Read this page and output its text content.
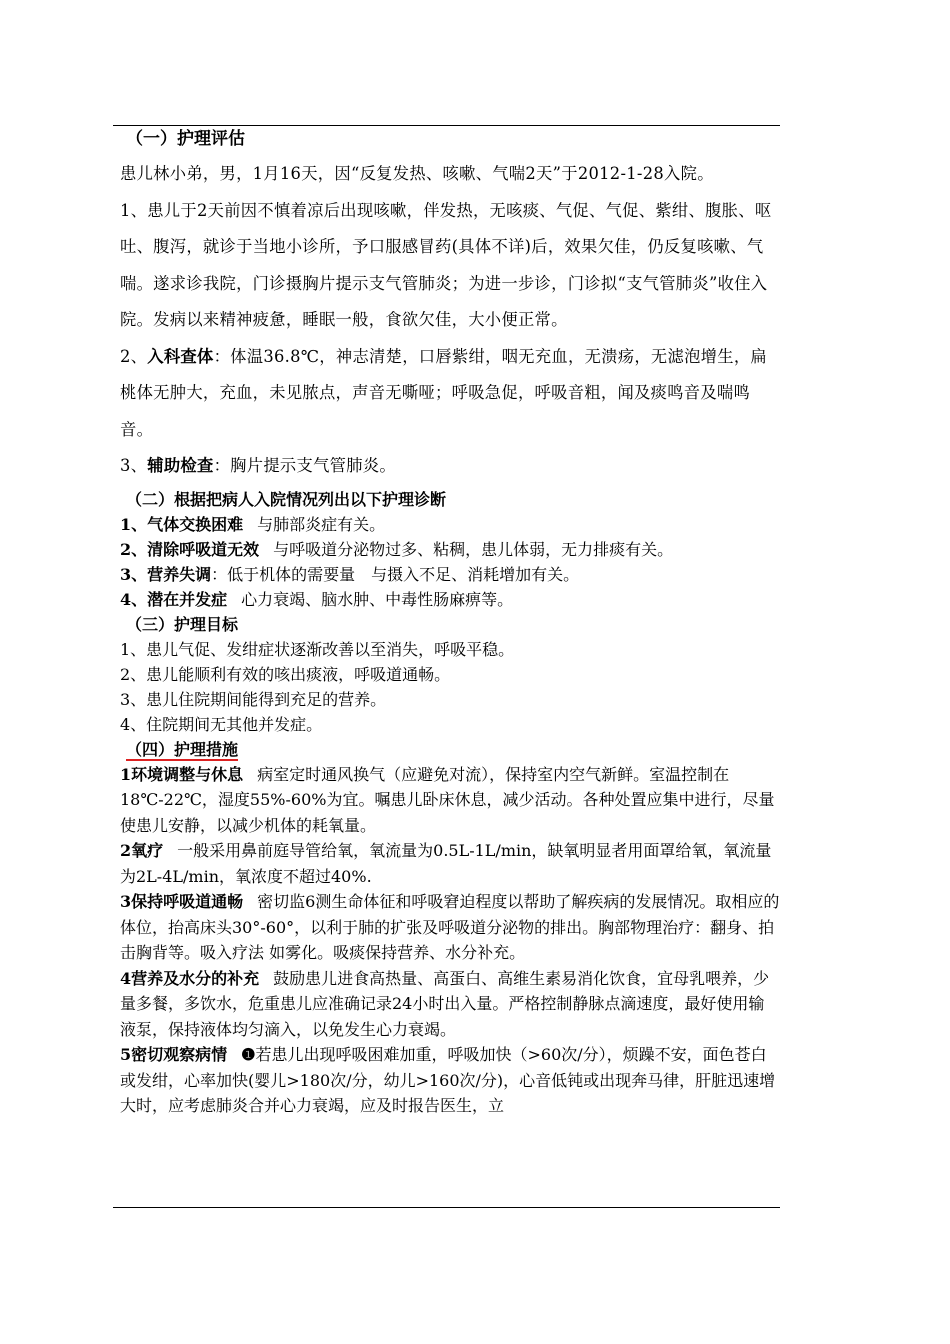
（一）护理评估

患儿林小弟，男，1月16天，因“反复发热、咳嗽、气喘2天”于2012-1-28入院。

1、患儿于2天前因不慎着凉后出现咳嗽，伴发热，无咳痰、气促、气促、紫绀、腹胀、呕吐、腹泻，就诊于当地小诊所，予口服感冒药(具体不详)后，效果欠佳，仍反复咳嗽、气喘。遂求诊我院，门诊摄胸片提示支气管肺炎；为进一步诊，门诊拟“支气管肺炎”收住入院。发病以来精神疲惫，睡眠一般，食欲欠佳，大小便正常。

2、入科查体：体温36.8℃，神志清楚，口唇紫绀，咽无充血，无溃疡，无滤泡增生，扁桃体无肿大，充血，未见脓点，声音无嘶哑；呼吸急促，呼吸音粗，闻及痰鸣音及喘鸣音。

3、辅助检查：胸片提示支气管肺炎。

（二）根据把病人入院情况列出以下护理诊断
1、气体交换困难 与肺部炎症有关。
2、清除呼吸道无效 与呼吸道分泌物过多、粘稠，患儿体弱，无力排痰有关。
3、营养失调：低于机体的需要量　与摄入不足、消耗增加有关。
4、潜在并发症 心力衰竭、脑水肿、中毒性肠麻痹等。
（三）护理目标
1、患儿气促、发绀症状逐渐改善以至消失，呼吸平稳。
2、患儿能顺利有效的咳出痰液，呼吸道通畅。
3、患儿住院期间能得到充足的营养。
4、住院期间无其他并发症。
（四）护理措施
1环境调整与休息 病室定时通风换气（应避免对流），保持室内空气新鲜。室温控制在18℃-22℃，湿度55%-60%为宜。嘱患儿卧床休息，减少活动。各种处置应集中进行，尽量使患儿安静，以减少机体的耗氧量。
2氧疗 一般采用鼻前庭导管给氧，氧流量为0.5L-1L/min，缺氧明显者用面罩给氧，氧流量为2L-4L/min，氧浓度不超过40%.
3保持呼吸道通畅 密切监6测生命体征和呼吸窘迫程度以帮助了解疾病的发展情况。取相应的体位，抬高床头30°-60°，以利于肺的扩张及呼吸道分泌物的排出。胸部物理治疗：翻身、拍击胸背等。吸入疗法 如雾化。吸痰保持营养、水分补充。
4营养及水分的补充 鼓励患儿进食高热量、高蛋白、高维生素易消化饮食，宜母乳喂养，少量多餐，多饮水，危重患儿应准确记录24小时出入量。严格控制静脉点滴速度，最好使用输液泵，保持液体均匀滴入，以免发生心力衰竭。
5密切观察病情 ❶若患儿出现呼吸困难加重，呼吸加快（>60次/分），烦躁不安，面色苍白或发绀，心率加快(婴儿>180次/分，幼儿>160次/分)，心音低钝或出现奔马律，肝脏迅速增大时，应考虑肺炎合并心力衰竭，应及时报告医生，立
